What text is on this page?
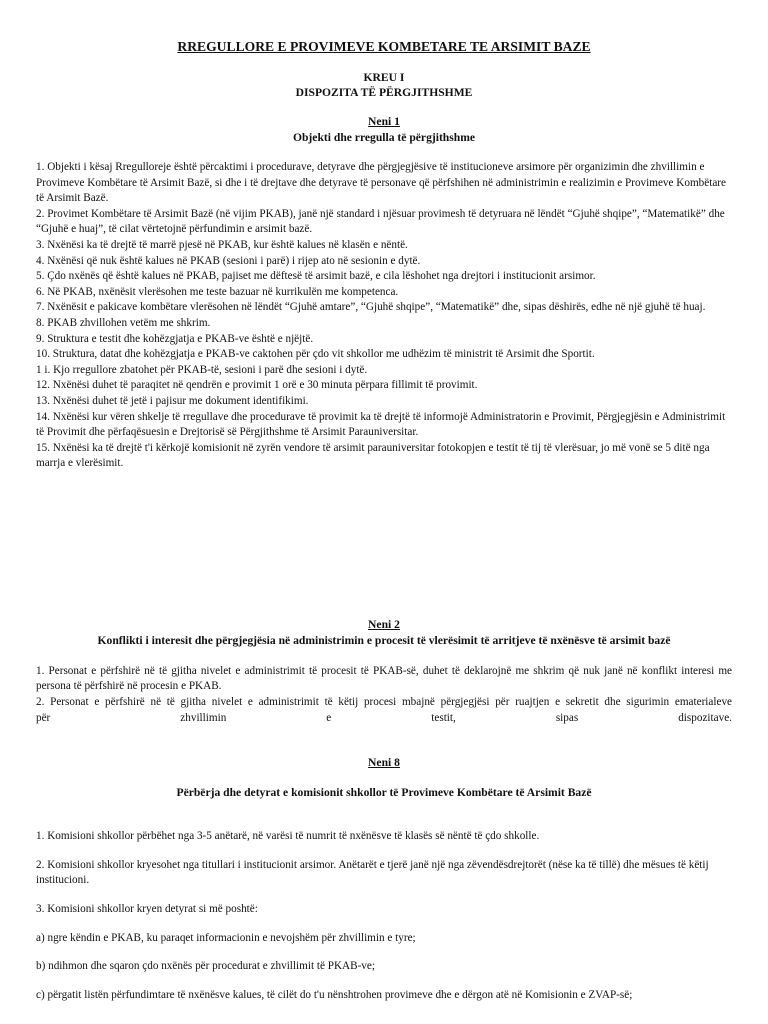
RREGULLORE E PROVIMEVE KOMBETARE TE ARSIMIT BAZE
KREU I
DISPOZITA TË PËRGJITHSHME
Neni 1
Objekti dhe rregulla të përgjithshme

1. Objekti i kësaj Rregulloreje është përcaktimi i procedurave, detyrave dhe përgjegjësive të institucioneve arsimore për organizimin dhe zhvillimin e Provimeve Kombëtare të Arsimit Bazë, si dhe i të drejtave dhe detyrave të personave që përfshihen në administrimin e realizimin e Provimeve Kombëtare të Arsimit Bazë.

2. Provimet Kombëtare të Arsimit Bazë (në vijim PKAB), janë një standard i njësuar provimesh të detyruara në lëndët “Gjuhë shqipe”, “Matematikë” dhe “Gjuhë e huaj”, të cilat vërtetojnë përfundimin e arsimit bazë.

3. Nxënësi ka të drejtë të marrë pjesë në PKAB, kur është kalues në klasën e nëntë.

4. Nxënësi që nuk është kalues në PKAB (sesioni i parë) i rijep ato në sesionin e dytë.

5. Çdo nxënës që është kalues në PKAB, pajiset me dëftesë të arsimit bazë, e cila lëshohet nga drejtori i institucionit arsimor.

6. Në PKAB, nxënësit vlerësohen me teste bazuar në kurrikulën me kompetenca.

7. Nxënësit e pakicave kombëtare vlerësohen në lëndët “Gjuhë amtare”, “Gjuhë shqipe”, “Matematikë” dhe, sipas dëshirës, edhe në një gjuhë të huaj.

8. PKAB zhvillohen vetëm me shkrim.

9. Struktura e testit dhe kohëzgjatja e PKAB-ve është e njëjtë.

10. Struktura, datat dhe kohëzgjatja e PKAB-ve caktohen për çdo vit shkollor me udhëzim të ministrit të Arsimit dhe Sportit.

1 i. Kjo rregullore zbatohet për PKAB-të, sesioni i parë dhe sesioni i dytë.

12. Nxënësi duhet të paraqitet në qendrën e provimit 1 orë e 30 minuta përpara fillimit të provimit.

13. Nxënësi duhet të jetë i pajisur me dokument identifikimi.

14. Nxënësi kur vëren shkelje të rregullave dhe procedurave të provimit ka të drejtë të informojë Administratorin e Provimit, Përgjegjësin e Administrimit të Provimit dhe përfaqësuesin e Drejtorisë së Përgjithshme të Arsimit Parauniversitar.

15. Nxënësi ka të drejtë t'i kërkojë komisionit në zyrën vendore të arsimit parauniversitar fotokopjen e testit të tij të vlerësuar, jo më vonë se 5 ditë nga marrja e vlerësimit.

Neni 2
Konflikti i interesit dhe përgjegjësia në administrimin e procesit të vlerësimit të arritjeve të nxënësve të arsimit bazë

1. Personat e përfshirë në të gjitha nivelet e administrimit të procesit të PKAB-së, duhet të deklarojnë me shkrim që nuk janë në konflikt interesi me persona të përfshirë në procesin e PKAB.

2. Personat e përfshirë në të gjitha nivelet e administrimit të këtij procesi mbajnë përgjegjësi për ruajtjen e sekretit dhe sigurimin ematerialeve

për	zhvillimin	e	testit,	sipas	dispozitave.

Neni 8
Përbërja dhe detyrat e komisionit shkollor të Provimeve Kombëtare të Arsimit Bazë

1. Komisioni shkollor përbëhet nga 3-5 anëtarë, në varësi të numrit të nxënësve të klasës së nëntë të çdo shkolle.

2. Komisioni shkollor kryesohet nga titullari i institucionit arsimor. Anëtarët e tjerë janë një nga zëvendësdrejtorët (nëse ka të tillë) dhe mësues të këtij institucioni.

3. Komisioni shkollor kryen detyrat si më poshtë:

a) ngre këndin e PKAB, ku paraqet informacionin e nevojshëm për zhvillimin e tyre;

b) ndihmon dhe sqaron çdo nxënës për procedurat e zhvillimit të PKAB-ve;

c) përgatit listën përfundimtare të nxënësve kalues, të cilët do t'u nënshtrohen provimeve dhe e dërgon atë në Komisionin e ZVAP-së;
